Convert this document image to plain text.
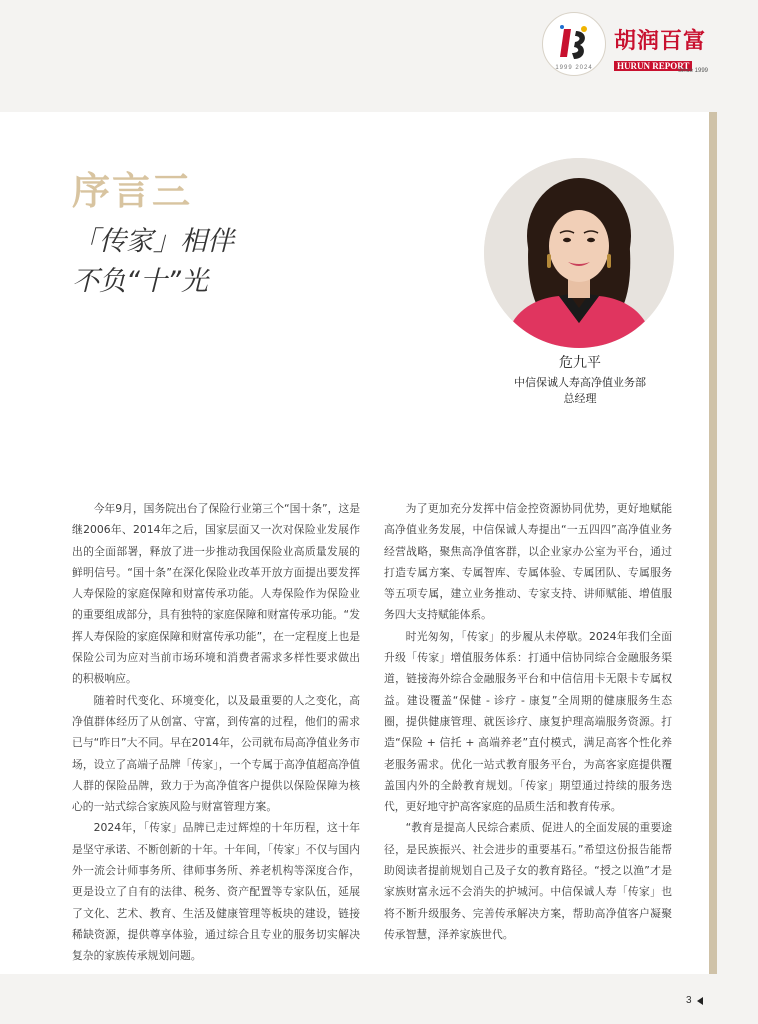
1999 2024
胡润百富
HURUN REPORT
Since 1999
序言三
「传家」相伴
不负“十”光
危九平
中信保诚人寿高净值业务部
总经理

今年9月，国务院出台了保险行业第三个“国十条”，这是继2006年、2014年之后，国家层面又一次对保险业发展作出的全面部署，释放了进一步推动我国保险业高质量发展的鲜明信号。“国十条”在深化保险业改革开放方面提出要发挥人寿保险的家庭保障和财富传承功能。人寿保险作为保险业的重要组成部分，具有独特的家庭保障和财富传承功能。“发挥人寿保险的家庭保障和财富传承功能”，在一定程度上也是保险公司为应对当前市场环境和消费者需求多样性要求做出的积极响应。

随着时代变化、环境变化，以及最重要的人之变化，高净值群体经历了从创富、守富，到传富的过程，他们的需求已与“昨日”大不同。早在2014年，公司就布局高净值业务市场，设立了高端子品牌「传家」，一个专属于高净值超高净值人群的保险品牌，致力于为高净值客户提供以保险保障为核心的一站式综合家族风险与财富管理方案。

2024年，「传家」品牌已走过辉煌的十年历程，这十年是坚守承诺、不断创新的十年。十年间，「传家」不仅与国内外一流会计师事务所、律师事务所、养老机构等深度合作，更是设立了自有的法律、税务、资产配置等专家队伍，延展了文化、艺术、教育、生活及健康管理等板块的建设，链接稀缺资源，提供尊享体验，通过综合且专业的服务切实解决复杂的家族传承规划问题。

为了更加充分发挥中信金控资源协同优势，更好地赋能高净值业务发展，中信保诚人寿提出“一五四四”高净值业务经营战略，聚焦高净值客群，以企业家办公室为平台，通过打造专属方案、专属智库、专属体验、专属团队、专属服务等五项专属，建立业务推动、专家支持、讲师赋能、增值服务四大支持赋能体系。

时光匆匆，「传家」的步履从未停歇。2024年我们全面升级「传家」增值服务体系：打通中信协同综合金融服务渠道，链接海外综合金融服务平台和中信信用卡无限卡专属权益。建设覆盖“保健 - 诊疗 - 康复”全周期的健康服务生态圈，提供健康管理、就医诊疗、康复护理高端服务资源。打造“保险 + 信托 + 高端养老”直付模式，满足高客个性化养老服务需求。优化一站式教育服务平台，为高客家庭提供覆盖国内外的全龄教育规划。「传家」期望通过持续的服务迭代，更好地守护高客家庭的品质生活和教育传承。

“教育是提高人民综合素质、促进人的全面发展的重要途径，是民族振兴、社会进步的重要基石。”希望这份报告能帮助阅读者提前规划自己及子女的教育路径。“授之以渔”才是家族财富永远不会消失的护城河。中信保诚人寿「传家」也将不断升级服务、完善传承解决方案，帮助高净值客户凝聚传承智慧，泽养家族世代。

3
